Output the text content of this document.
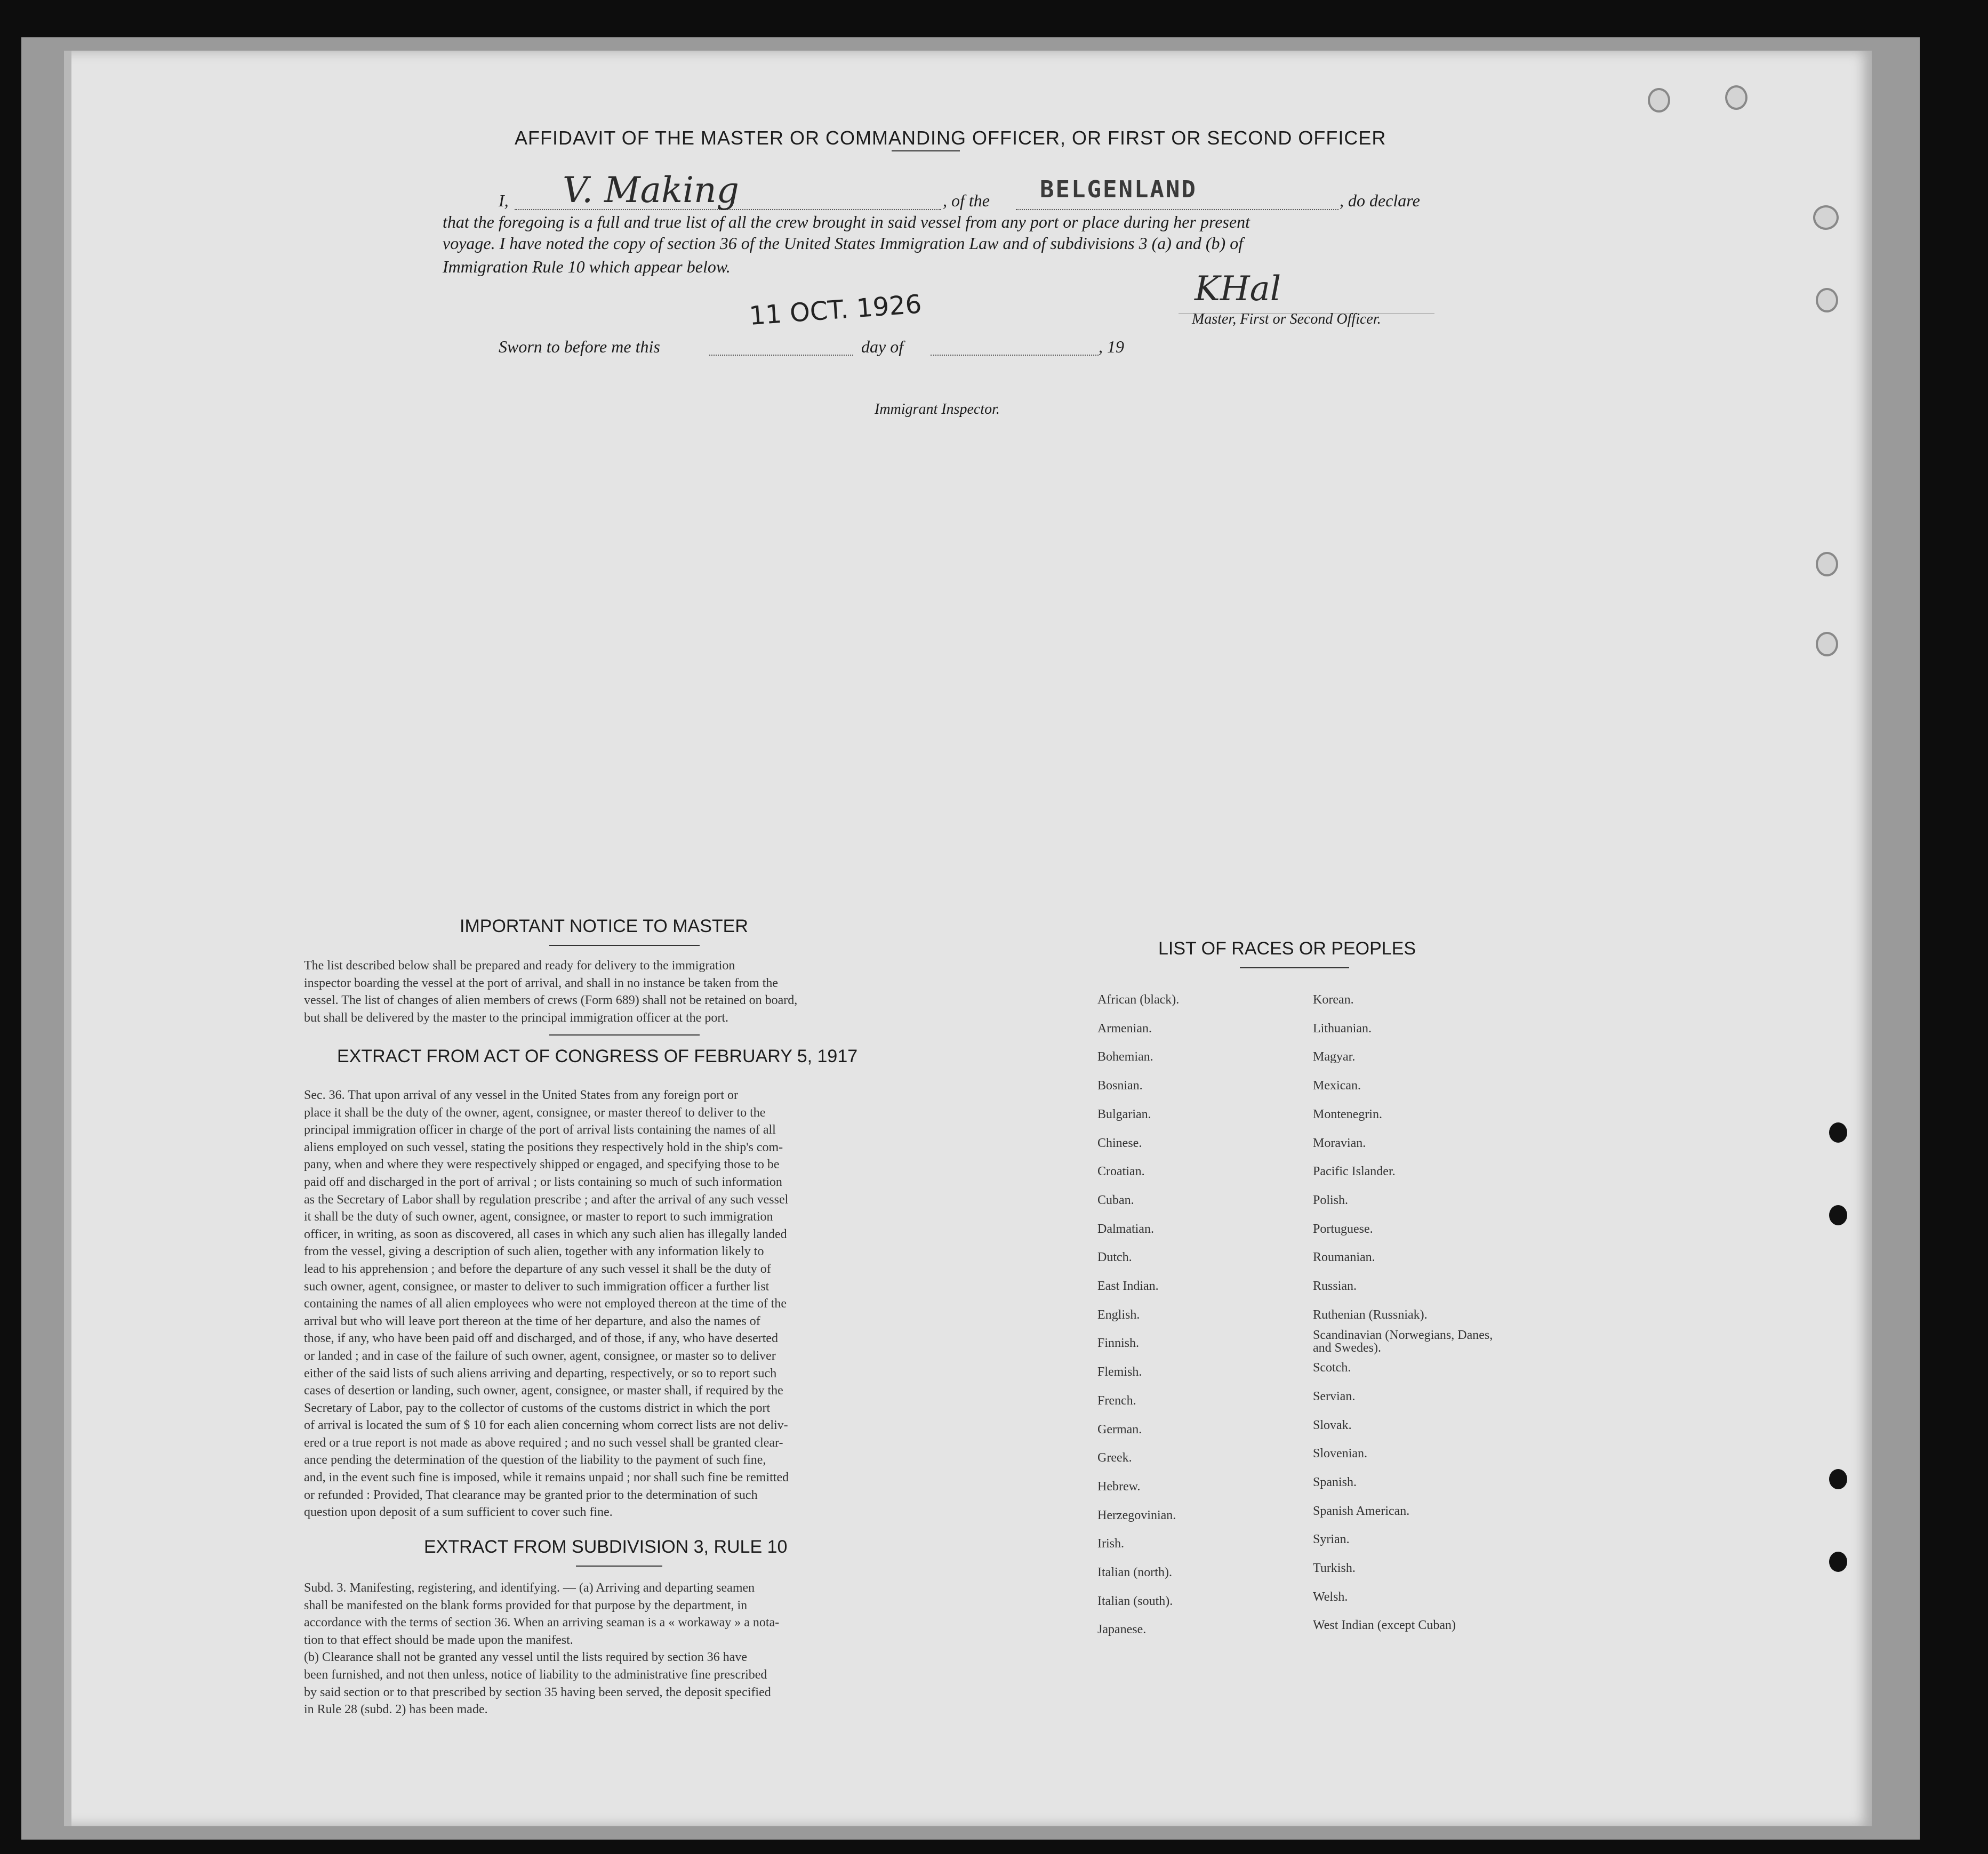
AFFIDAVIT OF THE MASTER OR COMMANDING OFFICER, OR FIRST OR SECOND OFFICER
I, V. Making	, of the BELGENLAND	, do declare
that the foregoing is a full and true list of all the crew brought in said vessel from any port or place during her present
voyage. I have noted the copy of section 36 of the United States Immigration Law and of subdivisions 3 (a) and (b) of
Immigration Rule 10 which appear below.
KHal
Master, First or Second Officer.
11 OCT. 1926
Sworn to before me this	day of	, 19
Immigrant Inspector.
IMPORTANT NOTICE TO MASTER
The list described below shall be prepared and ready for delivery to the immigration
inspector boarding the vessel at the port of arrival, and shall in no instance be taken from the
vessel. The list of changes of alien members of crews (Form 689) shall not be retained on board,
but shall be delivered by the master to the principal immigration officer at the port.
EXTRACT FROM ACT OF CONGRESS OF FEBRUARY 5, 1917
Sec. 36. That upon arrival of any vessel in the United States from any foreign port or
place it shall be the duty of the owner, agent, consignee, or master thereof to deliver to the
principal immigration officer in charge of the port of arrival lists containing the names of all
aliens employed on such vessel, stating the positions they respectively hold in the ship's com-
pany, when and where they were respectively shipped or engaged, and specifying those to be
paid off and discharged in the port of arrival ; or lists containing so much of such information
as the Secretary of Labor shall by regulation prescribe ; and after the arrival of any such vessel
it shall be the duty of such owner, agent, consignee, or master to report to such immigration
officer, in writing, as soon as discovered, all cases in which any such alien has illegally landed
from the vessel, giving a description of such alien, together with any information likely to
lead to his apprehension ; and before the departure of any such vessel it shall be the duty of
such owner, agent, consignee, or master to deliver to such immigration officer a further list
containing the names of all alien employees who were not employed thereon at the time of the
arrival but who will leave port thereon at the time of her departure, and also the names of
those, if any, who have been paid off and discharged, and of those, if any, who have deserted
or landed ; and in case of the failure of such owner, agent, consignee, or master so to deliver
either of the said lists of such aliens arriving and departing, respectively, or so to report such
cases of desertion or landing, such owner, agent, consignee, or master shall, if required by the
Secretary of Labor, pay to the collector of customs of the customs district in which the port
of arrival is located the sum of $ 10 for each alien concerning whom correct lists are not deliv-
ered or a true report is not made as above required ; and no such vessel shall be granted clear-
ance pending the determination of the question of the liability to the payment of such fine,
and, in the event such fine is imposed, while it remains unpaid ; nor shall such fine be remitted
or refunded : Provided, That clearance may be granted prior to the determination of such
question upon deposit of a sum sufficient to cover such fine.
EXTRACT FROM SUBDIVISION 3, RULE 10
Subd. 3. Manifesting, registering, and identifying. — (a) Arriving and departing seamen
shall be manifested on the blank forms provided for that purpose by the department, in
accordance with the terms of section 36. When an arriving seaman is a « workaway » a nota-
tion to that effect should be made upon the manifest.
(b) Clearance shall not be granted any vessel until the lists required by section 36 have
been furnished, and not then unless, notice of liability to the administrative fine prescribed
by said section or to that prescribed by section 35 having been served, the deposit specified
in Rule 28 (subd. 2) has been made.
LIST OF RACES OR PEOPLES
African (black).
Armenian.
Bohemian.
Bosnian.
Bulgarian.
Chinese.
Croatian.
Cuban.
Dalmatian.
Dutch.
East Indian.
English.
Finnish.
Flemish.
French.
German.
Greek.
Hebrew.
Herzegovinian.
Irish.
Italian (north).
Italian (south).
Japanese.
Korean.
Lithuanian.
Magyar.
Mexican.
Montenegrin.
Moravian.
Pacific Islander.
Polish.
Portuguese.
Roumanian.
Russian.
Ruthenian (Russniak).
Scandinavian (Norwegians, Danes, and Swedes).
Scotch.
Servian.
Slovak.
Slovenian.
Spanish.
Spanish American.
Syrian.
Turkish.
Welsh.
West Indian (except Cuban)
